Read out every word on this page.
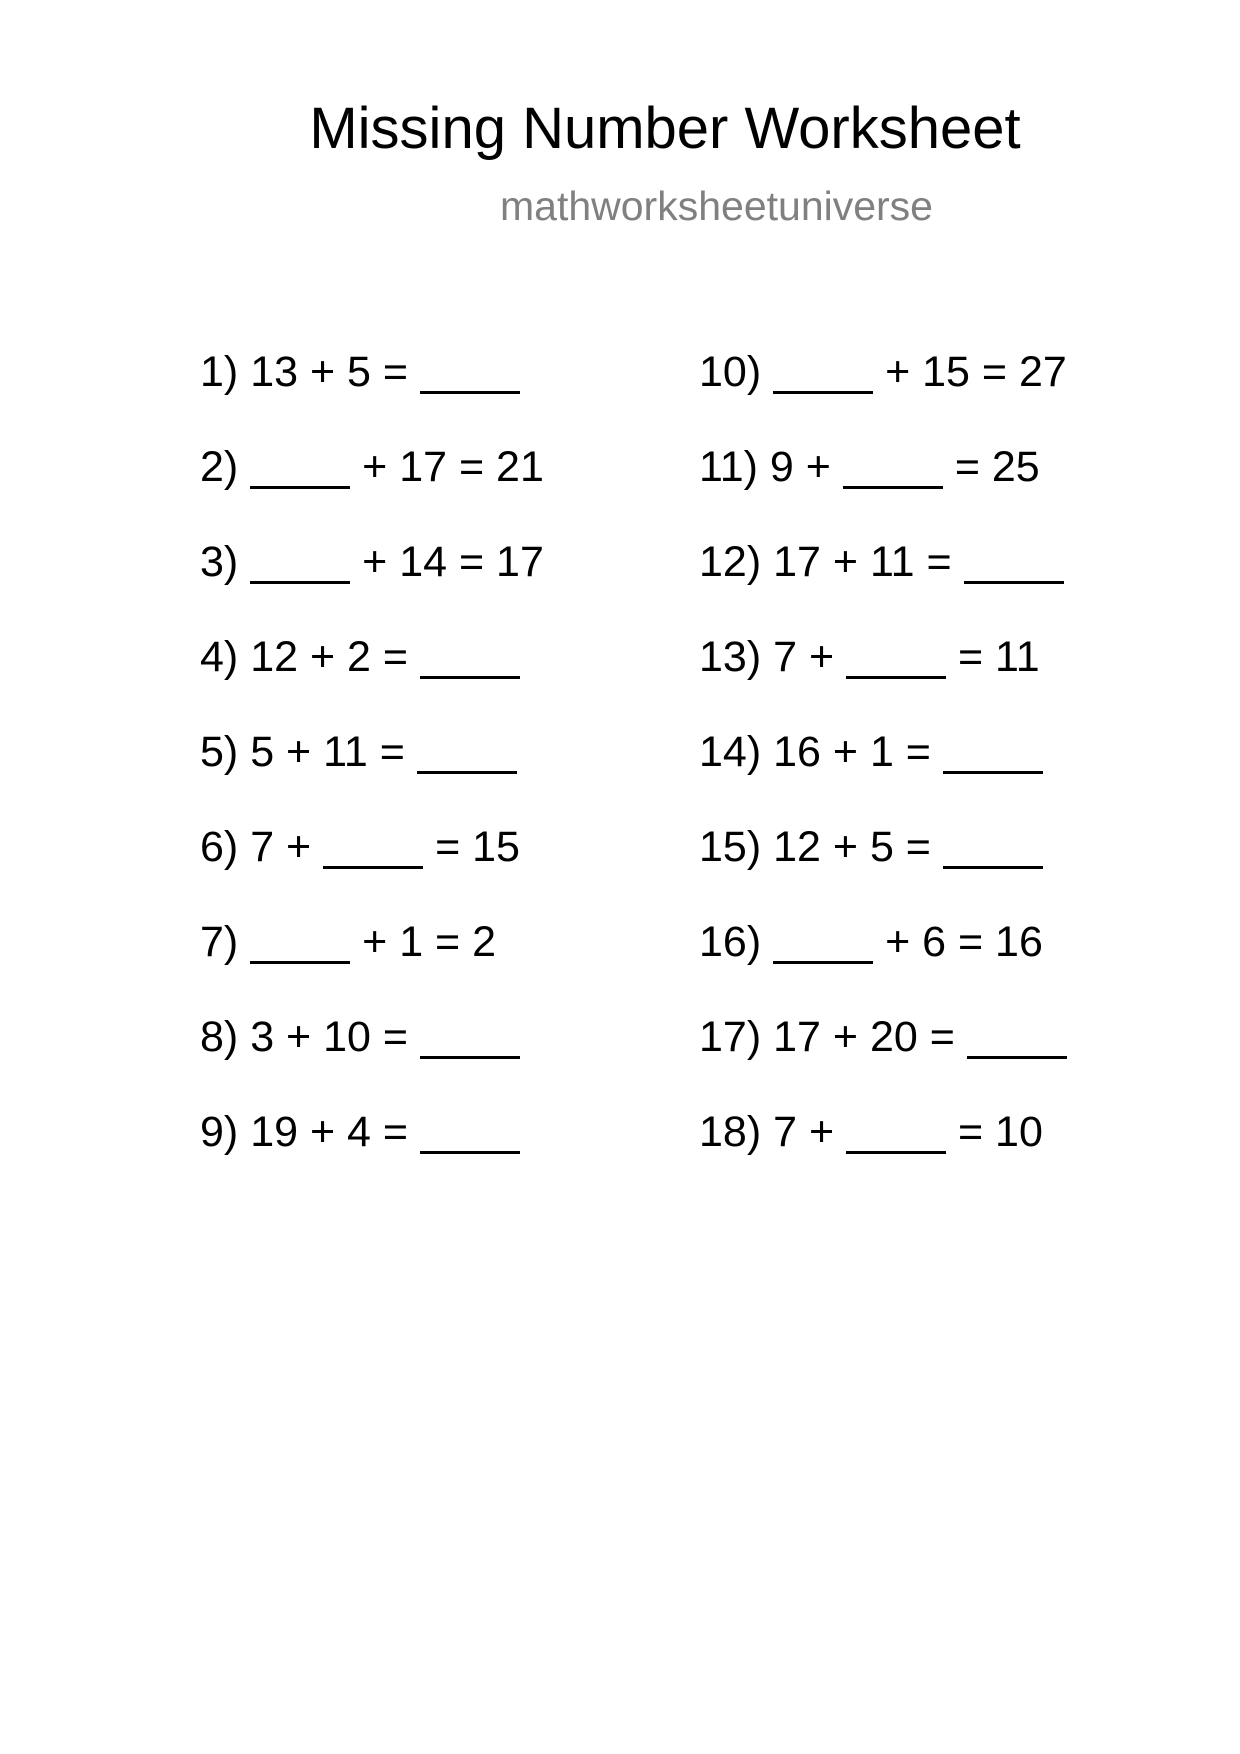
Missing Number Worksheet
mathworksheetuniverse
1) 13 + 5 =
2)	+ 17 = 21
3)	+ 14 = 17
4) 12 + 2 =
5) 5 + 11 =
6) 7 +	= 15
7)	+ 1 = 2
8) 3 + 10 =
9) 19 + 4 =
10)	+ 15 = 27
11) 9 +	= 25
12) 17 + 11 =
13) 7 +	= 11
14) 16 + 1 =
15) 12 + 5 =
16)	+ 6 = 16
17) 17 + 20 =
18) 7 +	= 10
